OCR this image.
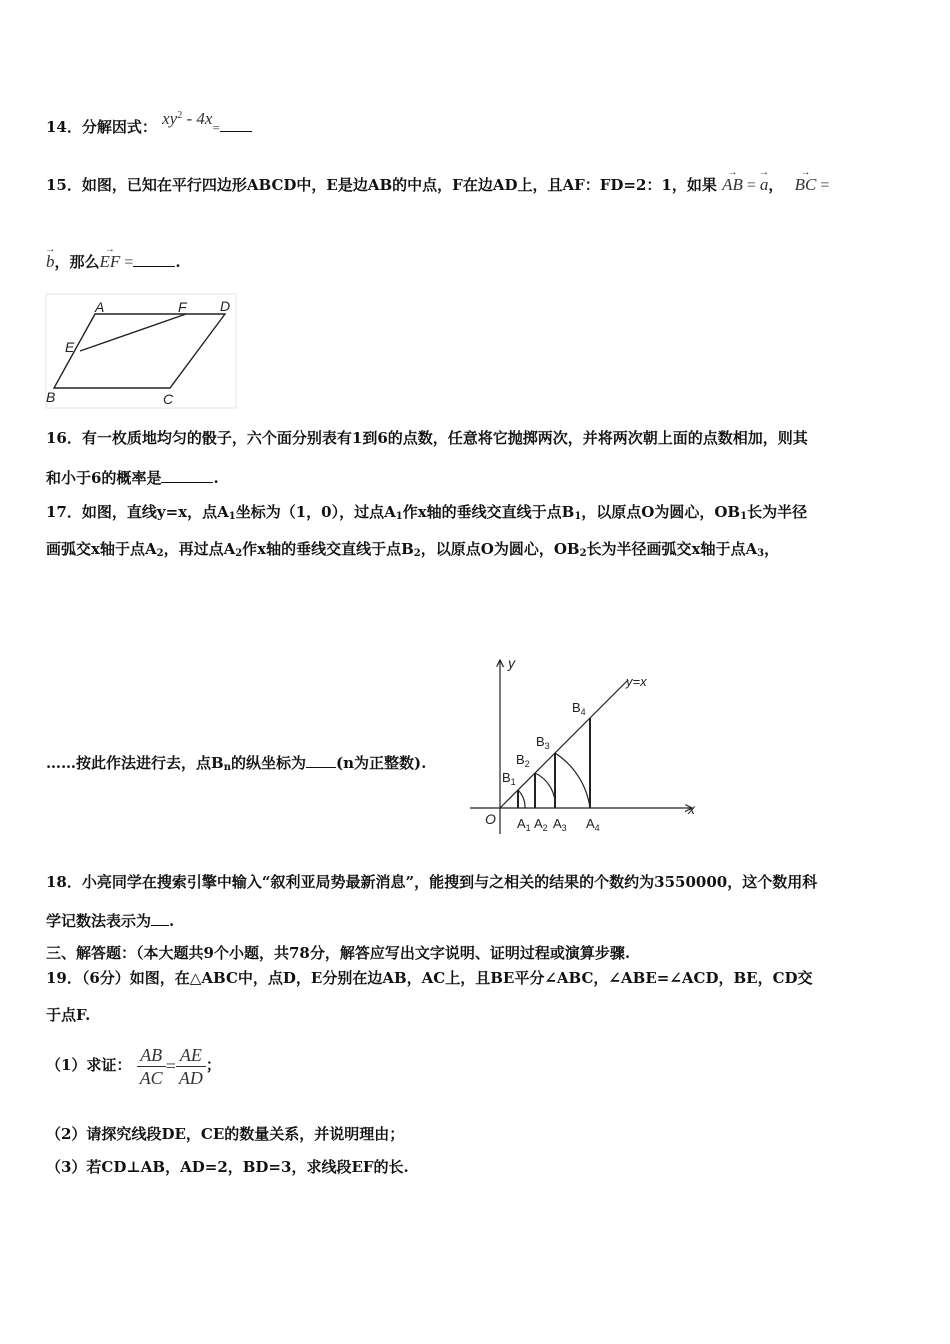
14．分解因式： $xy^2 - 4x=$
15．如图，已知在平行四边形ABCD中，E是边AB的中点，F在边AD上，且AF：FD=2：1，如果 → AB = → a， → BC =
→ b，那么→ EF =	.
A	F D
E
B	C
16．有一枚质地均匀的骰子，六个面分别表有1到6的点数，任意将它抛掷两次，并将两次朝上面的点数相加，则其
和小于6的概率是	.
17．如图，直线y=x，点$A_1$坐标为（1，0），过点$A_1$作x轴的垂线交直线于点$B_1$，以原点O为圆心，$OB_1$长为半径
画弧交x轴于点$A_2$，再过点$A_2$作x轴的垂线交直线于点$B_2$，以原点O为圆心，$OB_2$长为半径画弧交x轴于点$A_3$，
……按此作法进行去，点$B_n$的纵坐标为 (n为正整数).
y
x
y=x
O $A_1$ $A_2$ $A_3$ $A_4$
$B_1$
$B_2$
$B_3$
$B_4$
18．小亮同学在搜索引擎中输入“叙利亚局势最新消息”，能搜到与之相关的结果的个数约为3550000，这个数用科
学记数法表示为 .
三、解答题：（本大题共9个小题，共78分，解答应写出文字说明、证明过程或演算步骤.
19．（6分）如图，在△ABC中，点D，E分别在边AB，AC上，且BE平分∠ABC，∠ABE=∠ACD，BE，CD交
于点F.
（1）求证： $\frac{AB}{AC} = \frac{AE}{AD}$ ；
（2）请探究线段DE，CE的数量关系，并说明理由；
（3）若CD⊥AB，AD=2，BD=3，求线段EF的长.
